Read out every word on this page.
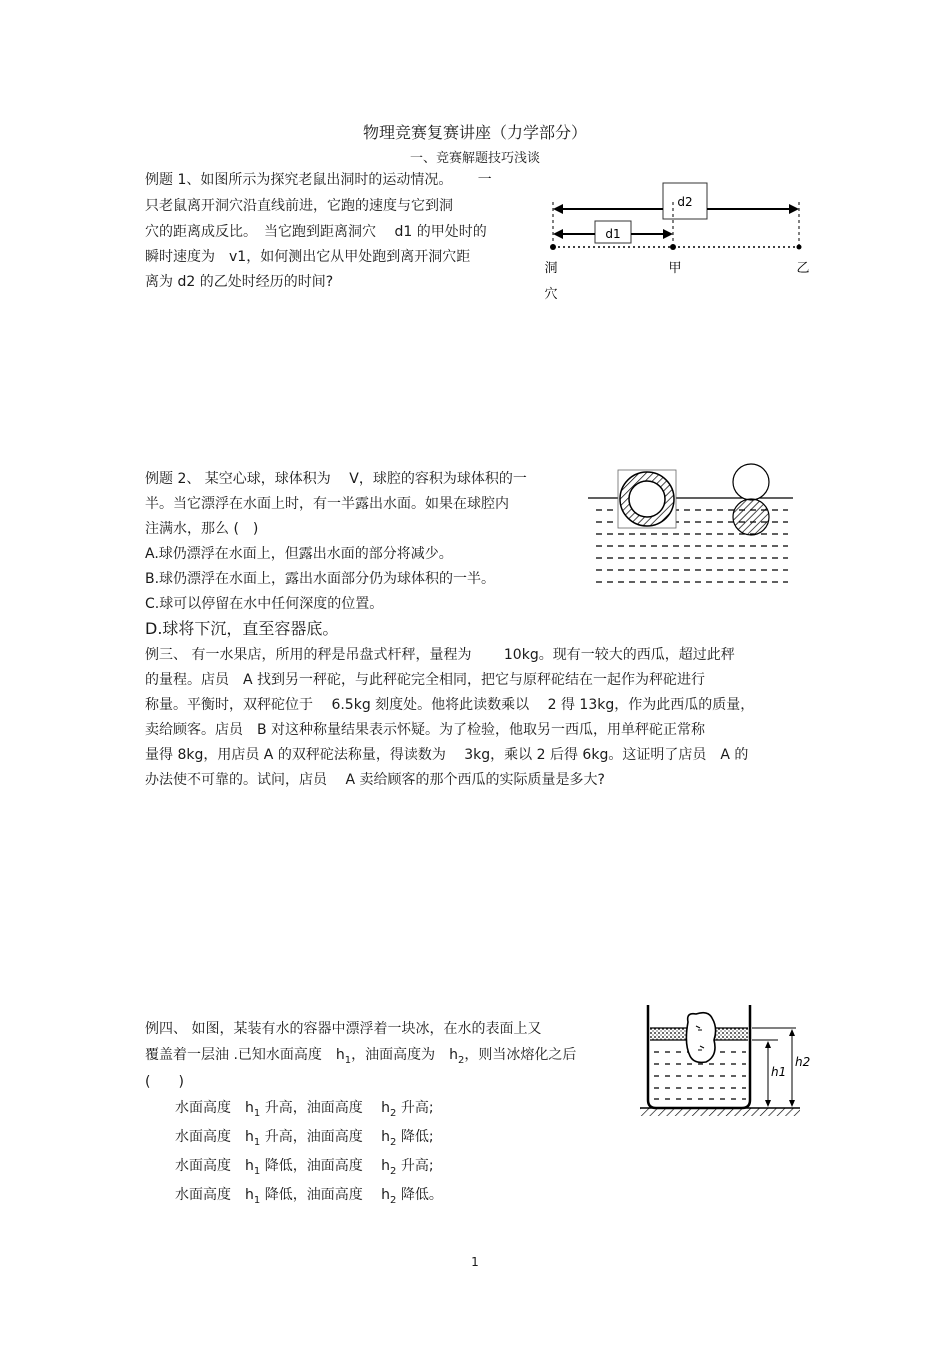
物理竞赛复赛讲座（力学部分）
一、竞赛解题技巧浅谈
例题 1、如图所示为探究老鼠出洞时的运动情况。　　 一
只老鼠离开洞穴沿直线前进，它跑的速度与它到洞
穴的距离成反比。　当它跑到距离洞穴　 d1 的甲处时的
瞬时速度为　v1，如何测出它从甲处跑到离开洞穴距
离为 d2 的乙处时经历的时间?
d2
d1
洞
穴
甲	乙
例题 2、 某空心球，球体积为　 V，球腔的容积为球体积的一
半。当它漂浮在水面上时，有一半露出水面。如果在球腔内
注满水，那么 (　)
A.球仍漂浮在水面上，但露出水面的部分将减少。
B.球仍漂浮在水面上，露出水面部分仍为球体积的一半。
C.球可以停留在水中任何深度的位置。
D.球将下沉，直至容器底。
例三、 有一水果店，所用的秤是吊盘式杆秤，量程为　　 10kg。现有一较大的西瓜，超过此秤
的量程。店员　A 找到另一秤砣，与此秤砣完全相同，把它与原秤砣结在一起作为秤砣进行
称量。平衡时，双秤砣位于　 6.5kg 刻度处。他将此读数乘以　 2 得 13kg，作为此西瓜的质量，
卖给顾客。店员　B 对这种称量结果表示怀疑。为了检验，他取另一西瓜，用单秤砣正常称
量得 8kg，用店员 A 的双秤砣法称量，得读数为　 3kg，乘以 2 后得 6kg。这证明了店员　A 的
办法使不可靠的。试问，店员　 A 卖给顾客的那个西瓜的实际质量是多大?
例四、 如图，某装有水的容器中漂浮着一块冰，在水的表面上又
覆盖着一层油 .已知水面高度　$h_1$，油面高度为　$h_2$，则当冰熔化之后
(　　)
水面高度　$h_1$ 升高，油面高度　 $h_2$ 升高;
水面高度　$h_1$ 升高，油面高度　 $h_2$ 降低;
水面高度　$h_1$ 降低，油面高度　 $h_2$ 升高;
水面高度　$h_1$ 降低，油面高度　 $h_2$ 降低。
h1
h2
1
